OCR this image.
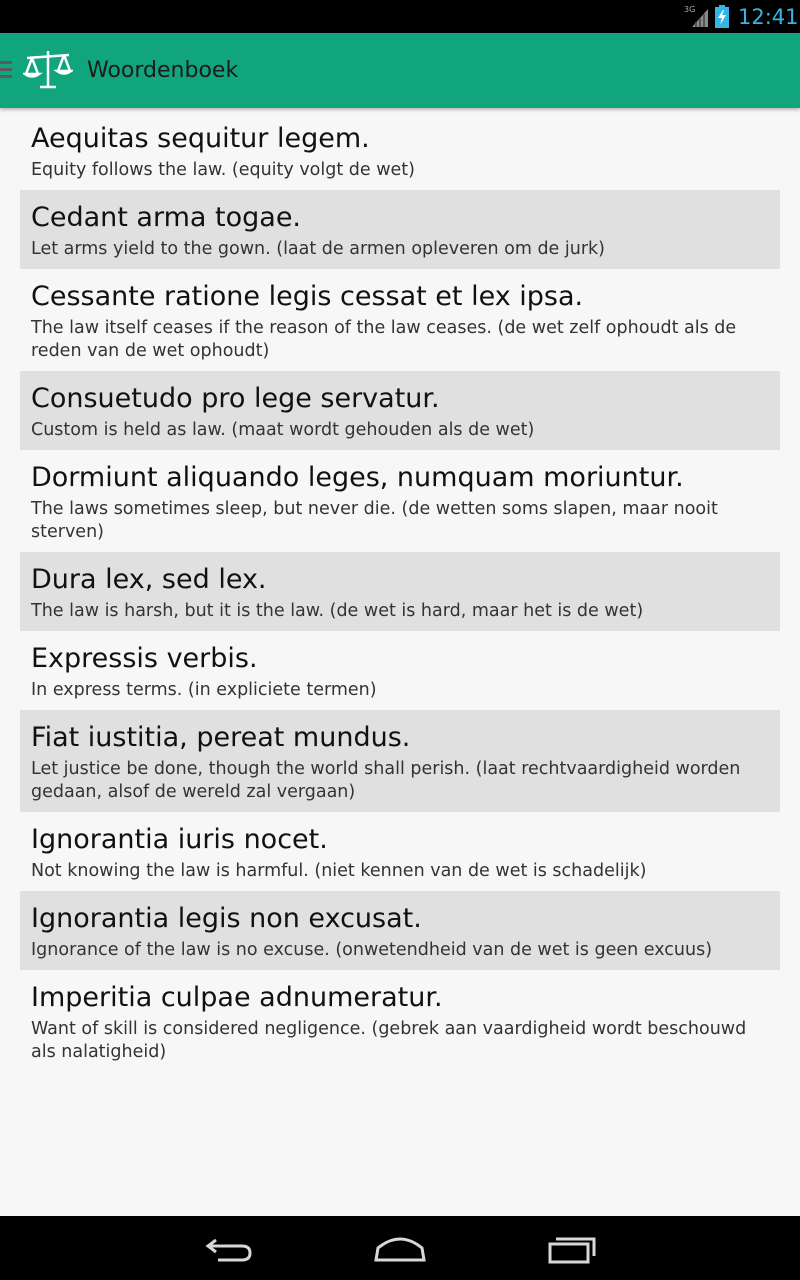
3G 12:41
Woordenboek
Aequitas sequitur legem.
Equity follows the law. (equity volgt de wet)
Cedant arma togae.
Let arms yield to the gown. (laat de armen opleveren om de jurk)
Cessante ratione legis cessat et lex ipsa.
The law itself ceases if the reason of the law ceases. (de wet zelf ophoudt als de reden van de wet ophoudt)
Consuetudo pro lege servatur.
Custom is held as law. (maat wordt gehouden als de wet)
Dormiunt aliquando leges, numquam moriuntur.
The laws sometimes sleep, but never die. (de wetten soms slapen, maar nooit sterven)
Dura lex, sed lex.
The law is harsh, but it is the law. (de wet is hard, maar het is de wet)
Expressis verbis.
In express terms. (in expliciete termen)
Fiat iustitia, pereat mundus.
Let justice be done, though the world shall perish. (laat rechtvaardigheid worden gedaan, alsof de wereld zal vergaan)
Ignorantia iuris nocet.
Not knowing the law is harmful. (niet kennen van de wet is schadelijk)
Ignorantia legis non excusat.
Ignorance of the law is no excuse. (onwetendheid van de wet is geen excuus)
Imperitia culpae adnumeratur.
Want of skill is considered negligence. (gebrek aan vaardigheid wordt beschouwd als nalatigheid)
